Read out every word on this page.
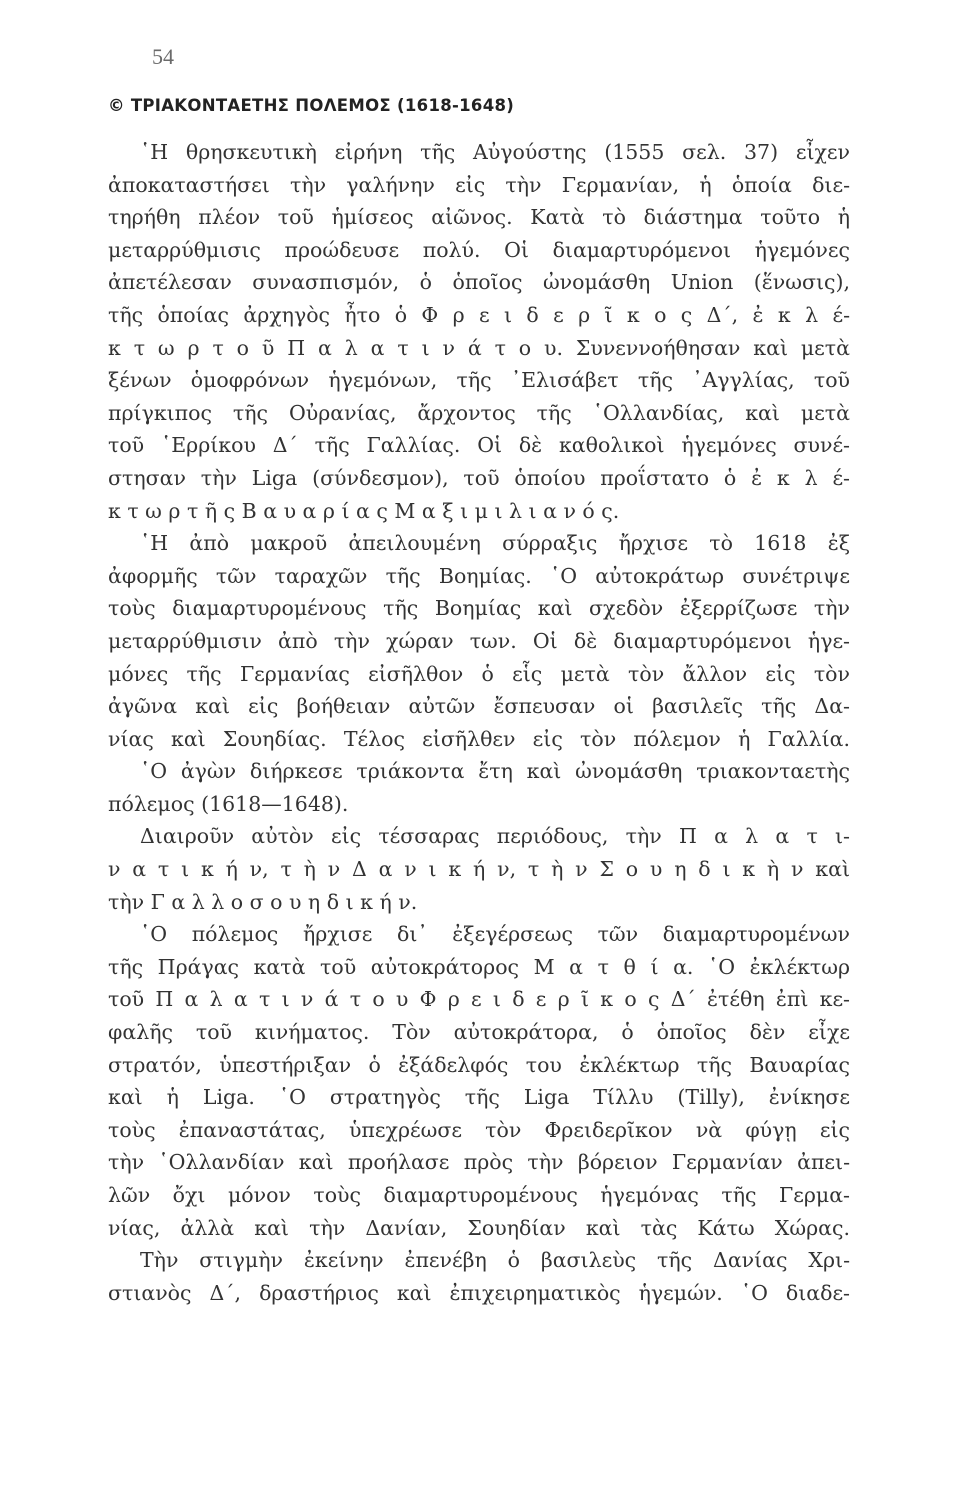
54
© ΤΡΙΑΚΟΝΤΑΕΤΗΣ ΠΟΛΕΜΟΣ (1618-1648)
῾Η θρησκευτικὴ εἰρήνη τῆς Αὐγούστης (1555 σελ. 37) εἶχεν
ἀποκαταστήσει τὴν γαλήνην εἰς τὴν Γερμανίαν, ἡ ὁποία διε-
τηρήθη πλέον τοῦ ἡμίσεος αἰῶνος. Κατὰ τὸ διάστημα τοῦτο ἡ
μεταρρύθμισις προώδευσε πολύ. Οἱ διαμαρτυρόμενοι ἡγεμόνες
ἀπετέλεσαν συνασπισμόν, ὁ ὁποῖος ὠνομάσθη Union (ἕνωσις),
τῆς ὁποίας ἀρχηγὸς ἦτο ὁ Φ ρ ε ι δ ε ρ ῖ κ ο ς Δ΄, ἐ κ λ έ-
κ τ ω ρ τ ο ῦ Π α λ α τ ι ν ά τ ο υ. Συνεννοήθησαν καὶ μετὰ
ξένων ὁμοφρόνων ἡγεμόνων, τῆς ᾿Ελισάβετ τῆς ᾿Αγγλίας, τοῦ
πρίγκιπος τῆς Οὐρανίας, ἄρχοντος τῆς ῾Ολλανδίας, καὶ μετὰ
τοῦ ῾Ερρίκου Δ΄ τῆς Γαλλίας. Οἱ δὲ καθολικοὶ ἡγεμόνες συνέ-
στησαν τὴν Liga (σύνδεσμον), τοῦ ὁποίου προΐστατο ὁ ἐ κ λ έ-
κ τ ω ρ τ ῆ ς Β α υ α ρ ί α ς Μ α ξ ι μ ι λ ι α ν ό ς.
῾Η ἀπὸ μακροῦ ἀπειλουμένη σύρραξις ἤρχισε τὸ 1618 ἐξ
ἀφορμῆς τῶν ταραχῶν τῆς Βοημίας. ῾Ο αὐτοκράτωρ συνέτριψε
τοὺς διαμαρτυρομένους τῆς Βοημίας καὶ σχεδὸν ἐξερρίζωσε τὴν
μεταρρύθμισιν ἀπὸ τὴν χώραν των. Οἱ δὲ διαμαρτυρόμενοι ἡγε-
μόνες τῆς Γερμανίας εἰσῆλθον ὁ εἷς μετὰ τὸν ἄλλον εἰς τὸν
ἀγῶνα καὶ εἰς βοήθειαν αὐτῶν ἔσπευσαν οἱ βασιλεῖς τῆς Δα-
νίας καὶ Σουηδίας. Τέλος εἰσῆλθεν εἰς τὸν πόλεμον ἡ Γαλλία.
῾Ο ἀγὼν διήρκεσε τριάκοντα ἔτη καὶ ὠνομάσθη τριακονταετὴς
πόλεμος (1618—1648).
Διαιροῦν αὐτὸν εἰς τέσσαρας περιόδους, τὴν Π α λ α τ ι-
ν α τ ι κ ή ν, τ ὴ ν Δ α ν ι κ ή ν, τ ὴ ν Σ ο υ η δ ι κ ὴ ν καὶ
τὴν Γ α λ λ ο σ ο υ η δ ι κ ή ν.
῾Ο πόλεμος ἤρχισε δι᾿ ἐξεγέρσεως τῶν διαμαρτυρομένων
τῆς Πράγας κατὰ τοῦ αὐτοκράτορος Μ α τ θ ί α. ῾Ο ἐκλέκτωρ
τοῦ Π α λ α τ ι ν ά τ ο υ Φ ρ ε ι δ ε ρ ῖ κ ο ς Δ΄ ἐτέθη ἐπὶ κε-
φαλῆς τοῦ κινήματος. Τὸν αὐτοκράτορα, ὁ ὁποῖος δὲν εἶχε
στρατόν, ὑπεστήριξαν ὁ ἐξάδελφός του ἐκλέκτωρ τῆς Βαυαρίας
καὶ ἡ Liga. ῾Ο στρατηγὸς τῆς Liga Τίλλυ (Tilly), ἐνίκησε
τοὺς ἐπαναστάτας, ὑπεχρέωσε τὸν Φρειδερῖκον νὰ φύγῃ εἰς
τὴν ῾Ολλανδίαν καὶ προήλασε πρὸς τὴν βόρειον Γερμανίαν ἀπει-
λῶν ὄχι μόνον τοὺς διαμαρτυρομένους ἡγεμόνας τῆς Γερμα-
νίας, ἀλλὰ καὶ τὴν Δανίαν, Σουηδίαν καὶ τὰς Κάτω Χώρας.
Τὴν στιγμὴν ἐκείνην ἐπενέβη ὁ βασιλεὺς τῆς Δανίας Χρι-
στιανὸς Δ΄, δραστήριος καὶ ἐπιχειρηματικὸς ἡγεμών. ῾Ο διαδε-
